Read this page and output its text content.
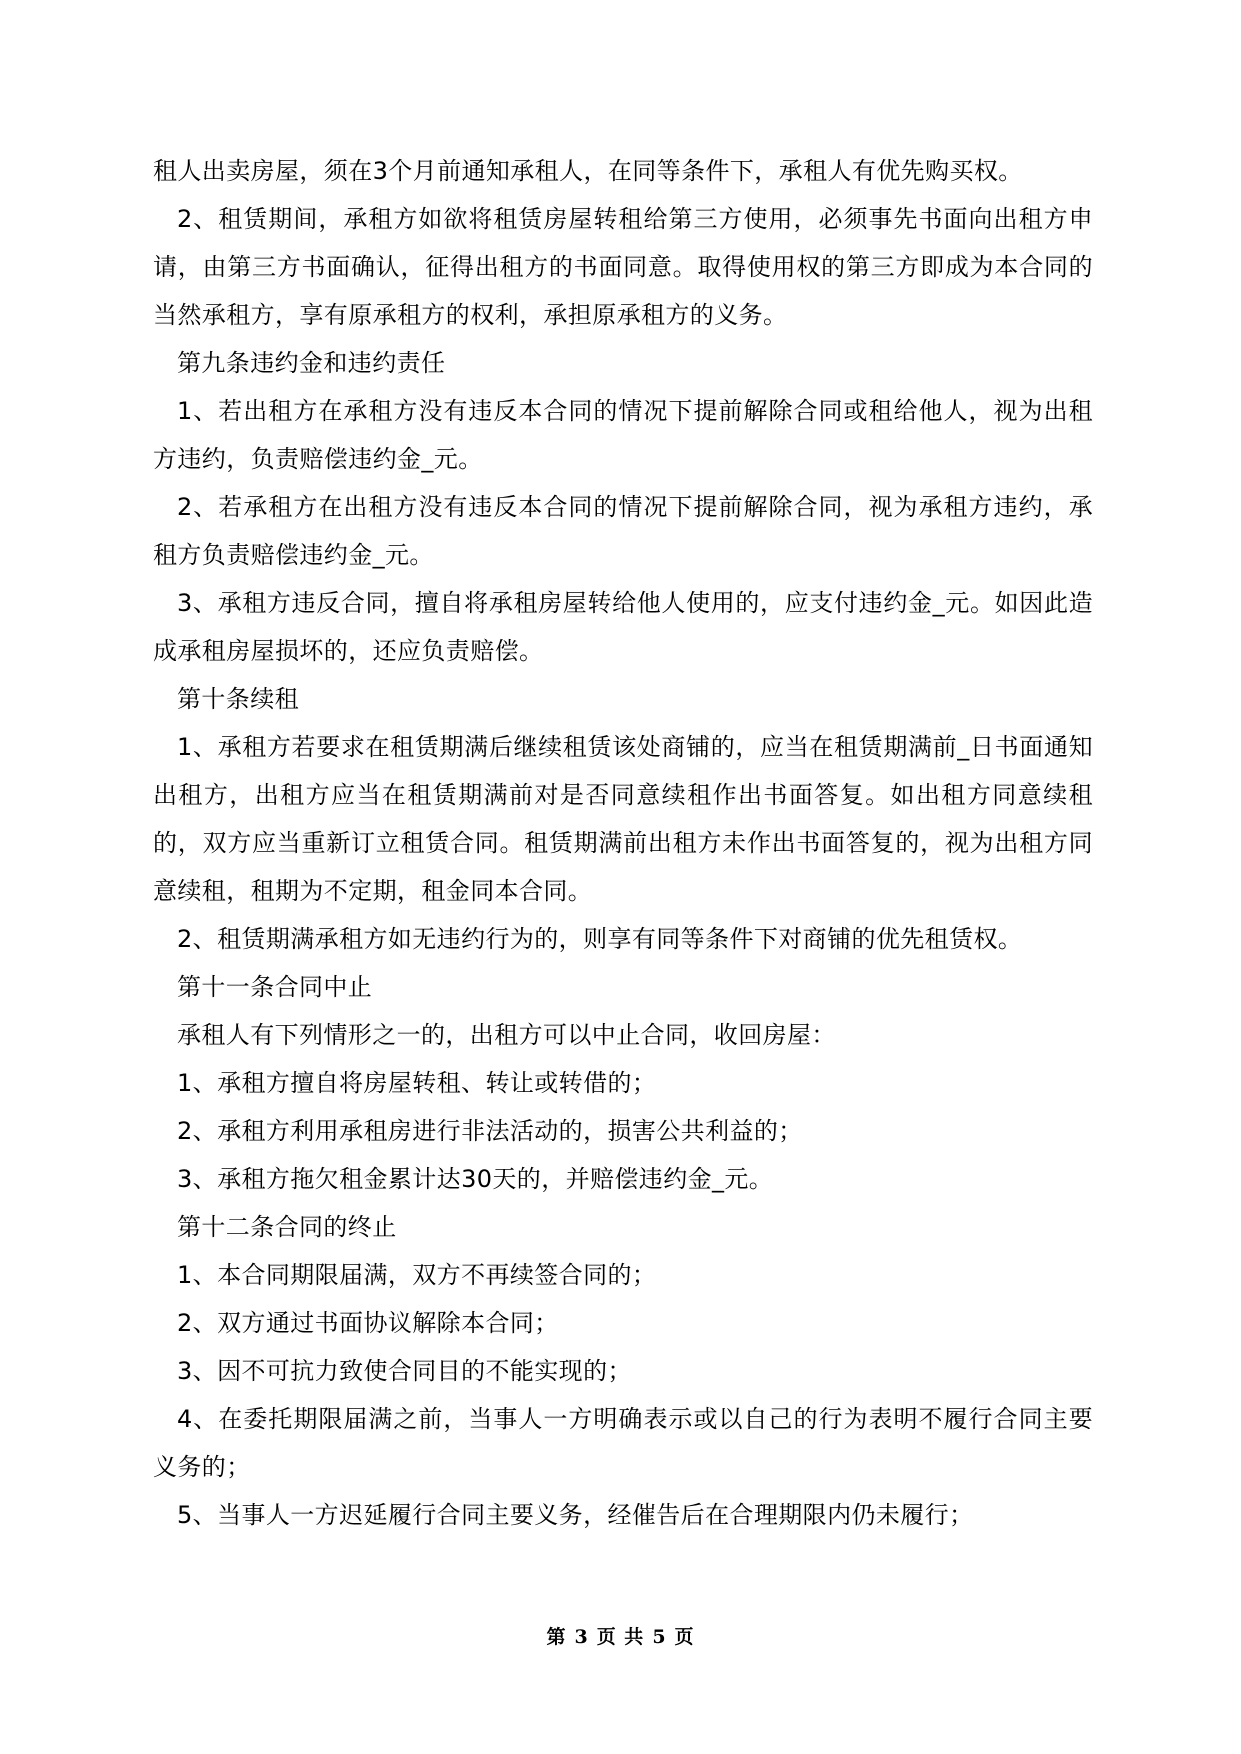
租人出卖房屋，须在3个月前通知承租人，在同等条件下，承租人有优先购买权。

2、租赁期间，承租方如欲将租赁房屋转租给第三方使用，必须事先书面向出租方申请，由第三方书面确认，征得出租方的书面同意。取得使用权的第三方即成为本合同的当然承租方，享有原承租方的权利，承担原承租方的义务。

第九条违约金和违约责任

1、若出租方在承租方没有违反本合同的情况下提前解除合同或租给他人，视为出租方违约，负责赔偿违约金_元。

2、若承租方在出租方没有违反本合同的情况下提前解除合同，视为承租方违约，承租方负责赔偿违约金_元。

3、承租方违反合同，擅自将承租房屋转给他人使用的，应支付违约金_元。如因此造成承租房屋损坏的，还应负责赔偿。

第十条续租

1、承租方若要求在租赁期满后继续租赁该处商铺的，应当在租赁期满前_日书面通知出租方，出租方应当在租赁期满前对是否同意续租作出书面答复。如出租方同意续租的，双方应当重新订立租赁合同。租赁期满前出租方未作出书面答复的，视为出租方同意续租，租期为不定期，租金同本合同。

2、租赁期满承租方如无违约行为的，则享有同等条件下对商铺的优先租赁权。

第十一条合同中止

承租人有下列情形之一的，出租方可以中止合同，收回房屋：

1、承租方擅自将房屋转租、转让或转借的；

2、承租方利用承租房进行非法活动的，损害公共利益的；

3、承租方拖欠租金累计达30天的，并赔偿违约金_元。

第十二条合同的终止

1、本合同期限届满，双方不再续签合同的；

2、双方通过书面协议解除本合同；

3、因不可抗力致使合同目的不能实现的；

4、在委托期限届满之前，当事人一方明确表示或以自己的行为表明不履行合同主要义务的；

5、当事人一方迟延履行合同主要义务，经催告后在合理期限内仍未履行；

第 3 页 共 5 页
